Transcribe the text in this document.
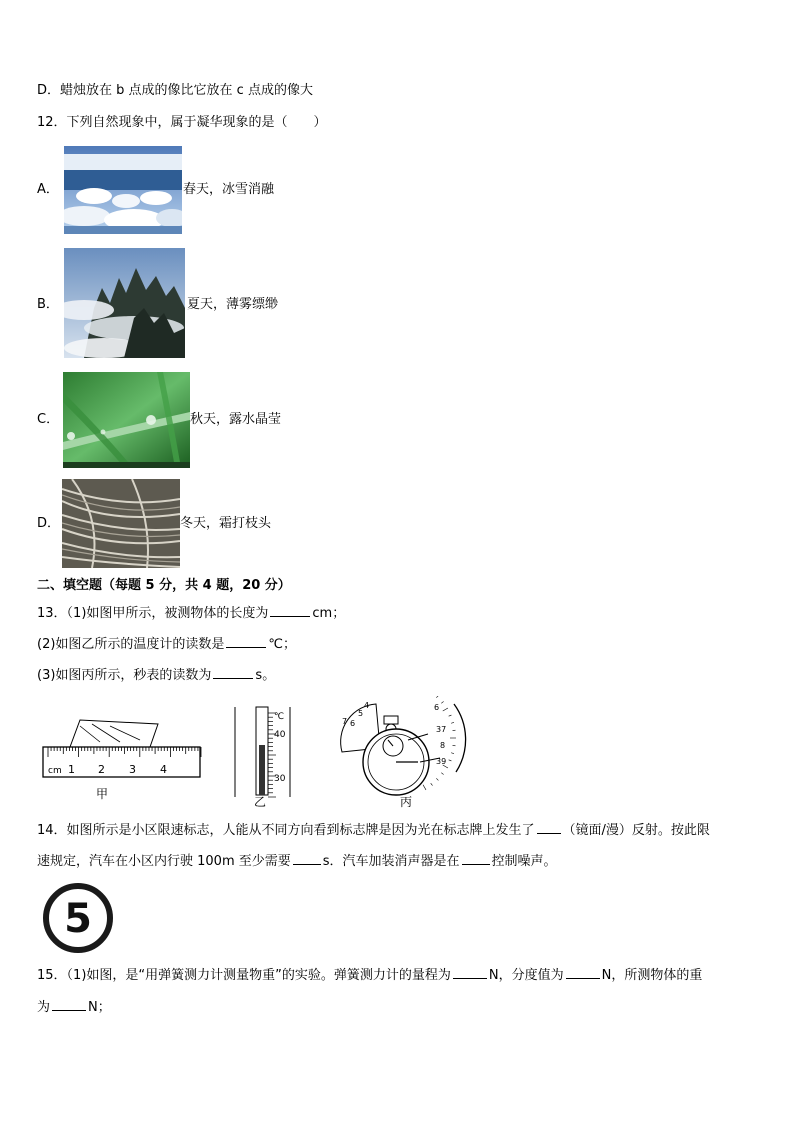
D．蜡烛放在 b 点成的像比它放在 c 点成的像大
12．下列自然现象中，属于凝华现象的是（　　）
A．	春天，冰雪消融
B．	夏天，薄雾缥缈
C．	秋天，露水晶莹
D．	冬天，霜打枝头
二、填空题（每题 5 分，共 4 题，20 分）
13．（1)如图甲所示，被测物体的长度为	cm；
(2)如图乙所示的温度计的读数是	℃；
(3)如图丙所示，秒表的读数为	s。
cm 1 2 3 4
甲
℃
40
30
乙
4
5
6
7
6
37
8
39
丙
14．如图所示是小区限速标志，人能从不同方向看到标志牌是因为光在标志牌上发生了 （镜面/漫）反射。按此限
速规定，汽车在小区内行驶 100m 至少需要 s．汽车加装消声器是在 控制噪声。
5
15．（1)如图，是“用弹簧测力计测量物重”的实验。弹簧测力计的量程为	N，分度值为	N，所测物体的重
为	N；
